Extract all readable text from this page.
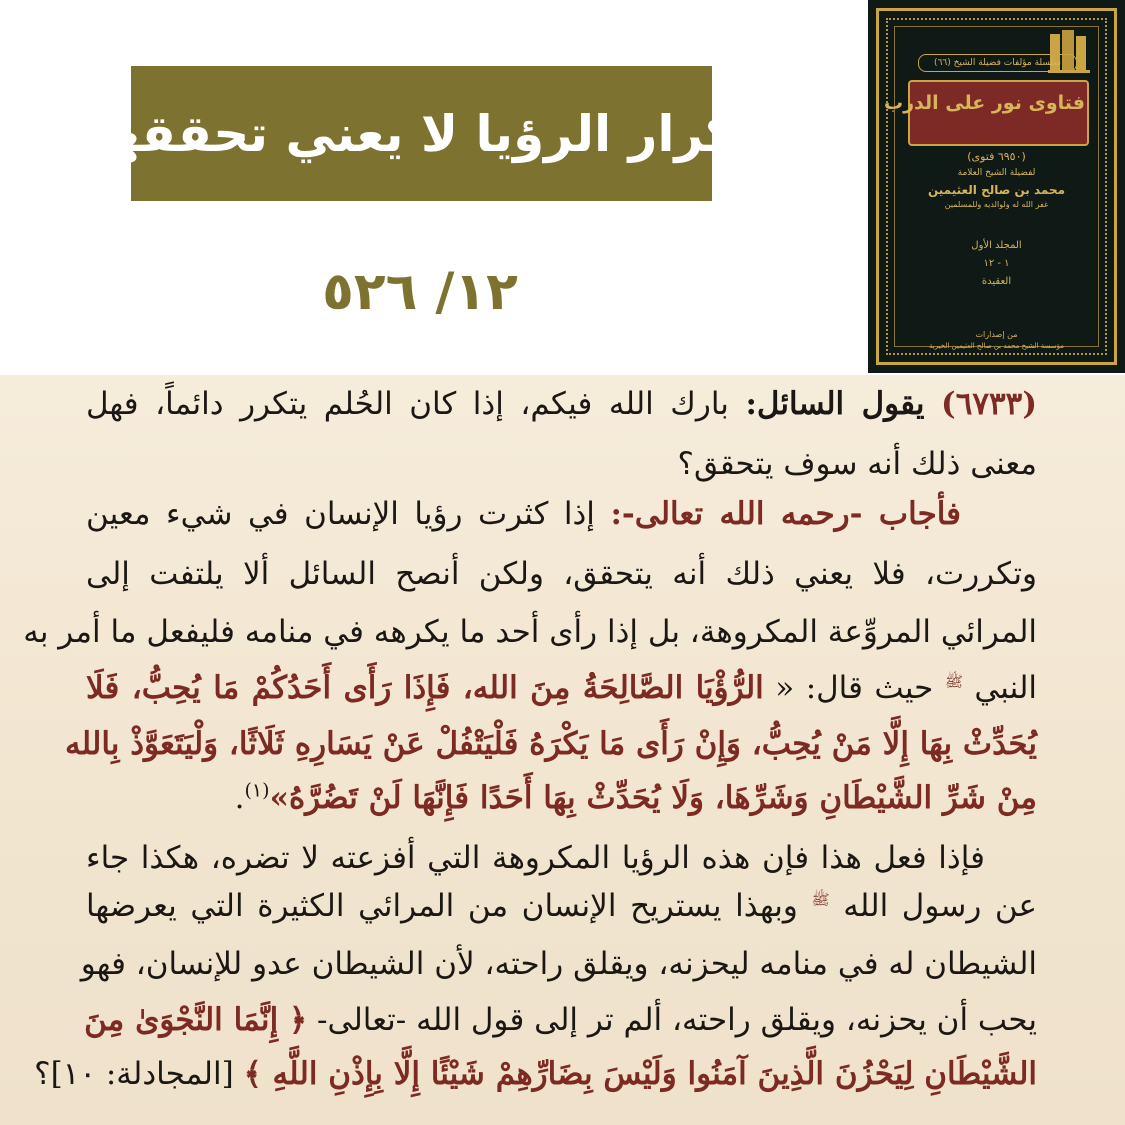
تكرار الرؤيا لا يعني تحققها
١٢/ ٥٢٦
سلسلة مؤلفات فضيلة الشيخ (٦٦)
فتاوى نور على الدرب
(٦٩٥٠ فتوى)
لفضيلة الشيخ العلامة
محمد بن صالح العثيمين
غفر الله له ولوالديه وللمسلمين
المجلد الأول
١ - ١٢
العقيدة
من إصدارات
مؤسسة الشيخ محمد بن صالح العثيمين الخيرية
(٦٧٣٣) يقول السائل: بارك الله فيكم، إذا كان الحُلم يتكرر دائماً، فهل
معنى ذلك أنه سوف يتحقق؟
فأجاب -رحمه الله تعالى-: إذا كثرت رؤيا الإنسان في شيء معين
وتكررت، فلا يعني ذلك أنه يتحقق، ولكن أنصح السائل ألا يلتفت إلى
المرائي المروِّعة المكروهة، بل إذا رأى أحد ما يكرهه في منامه فليفعل ما أمر به
النبي $^ﷺ$ حيث قال: « الرُّؤْيَا الصَّالِحَةُ مِنَ الله، فَإِذَا رَأَى أَحَدُكُمْ مَا يُحِبُّ، فَلَا
يُحَدِّثْ بِهَا إِلَّا مَنْ يُحِبُّ، وَإِنْ رَأَى مَا يَكْرَهُ فَلْيَتْفُلْ عَنْ يَسَارِهِ ثَلَاثًا، وَلْيَتَعَوَّذْ بِالله
مِنْ شَرِّ الشَّيْطَانِ وَشَرِّهَا، وَلَا يُحَدِّثْ بِهَا أَحَدًا فَإِنَّهَا لَنْ تَضُرَّهُ»$^{(١)}$.
فإذا فعل هذا فإن هذه الرؤيا المكروهة التي أفزعته لا تضره، هكذا جاء
عن رسول الله $^ﷺ$ وبهذا يستريح الإنسان من المرائي الكثيرة التي يعرضها
الشيطان له في منامه ليحزنه، ويقلق راحته، لأن الشيطان عدو للإنسان، فهو
يحب أن يحزنه، ويقلق راحته، ألم تر إلى قول الله -تعالى- ﴿ إِنَّمَا النَّجْوَىٰ مِنَ
الشَّيْطَانِ لِيَحْزُنَ الَّذِينَ آمَنُوا وَلَيْسَ بِضَارِّهِمْ شَيْئًا إِلَّا بِإِذْنِ اللَّهِ ﴾ [المجادلة: ١٠]؟
